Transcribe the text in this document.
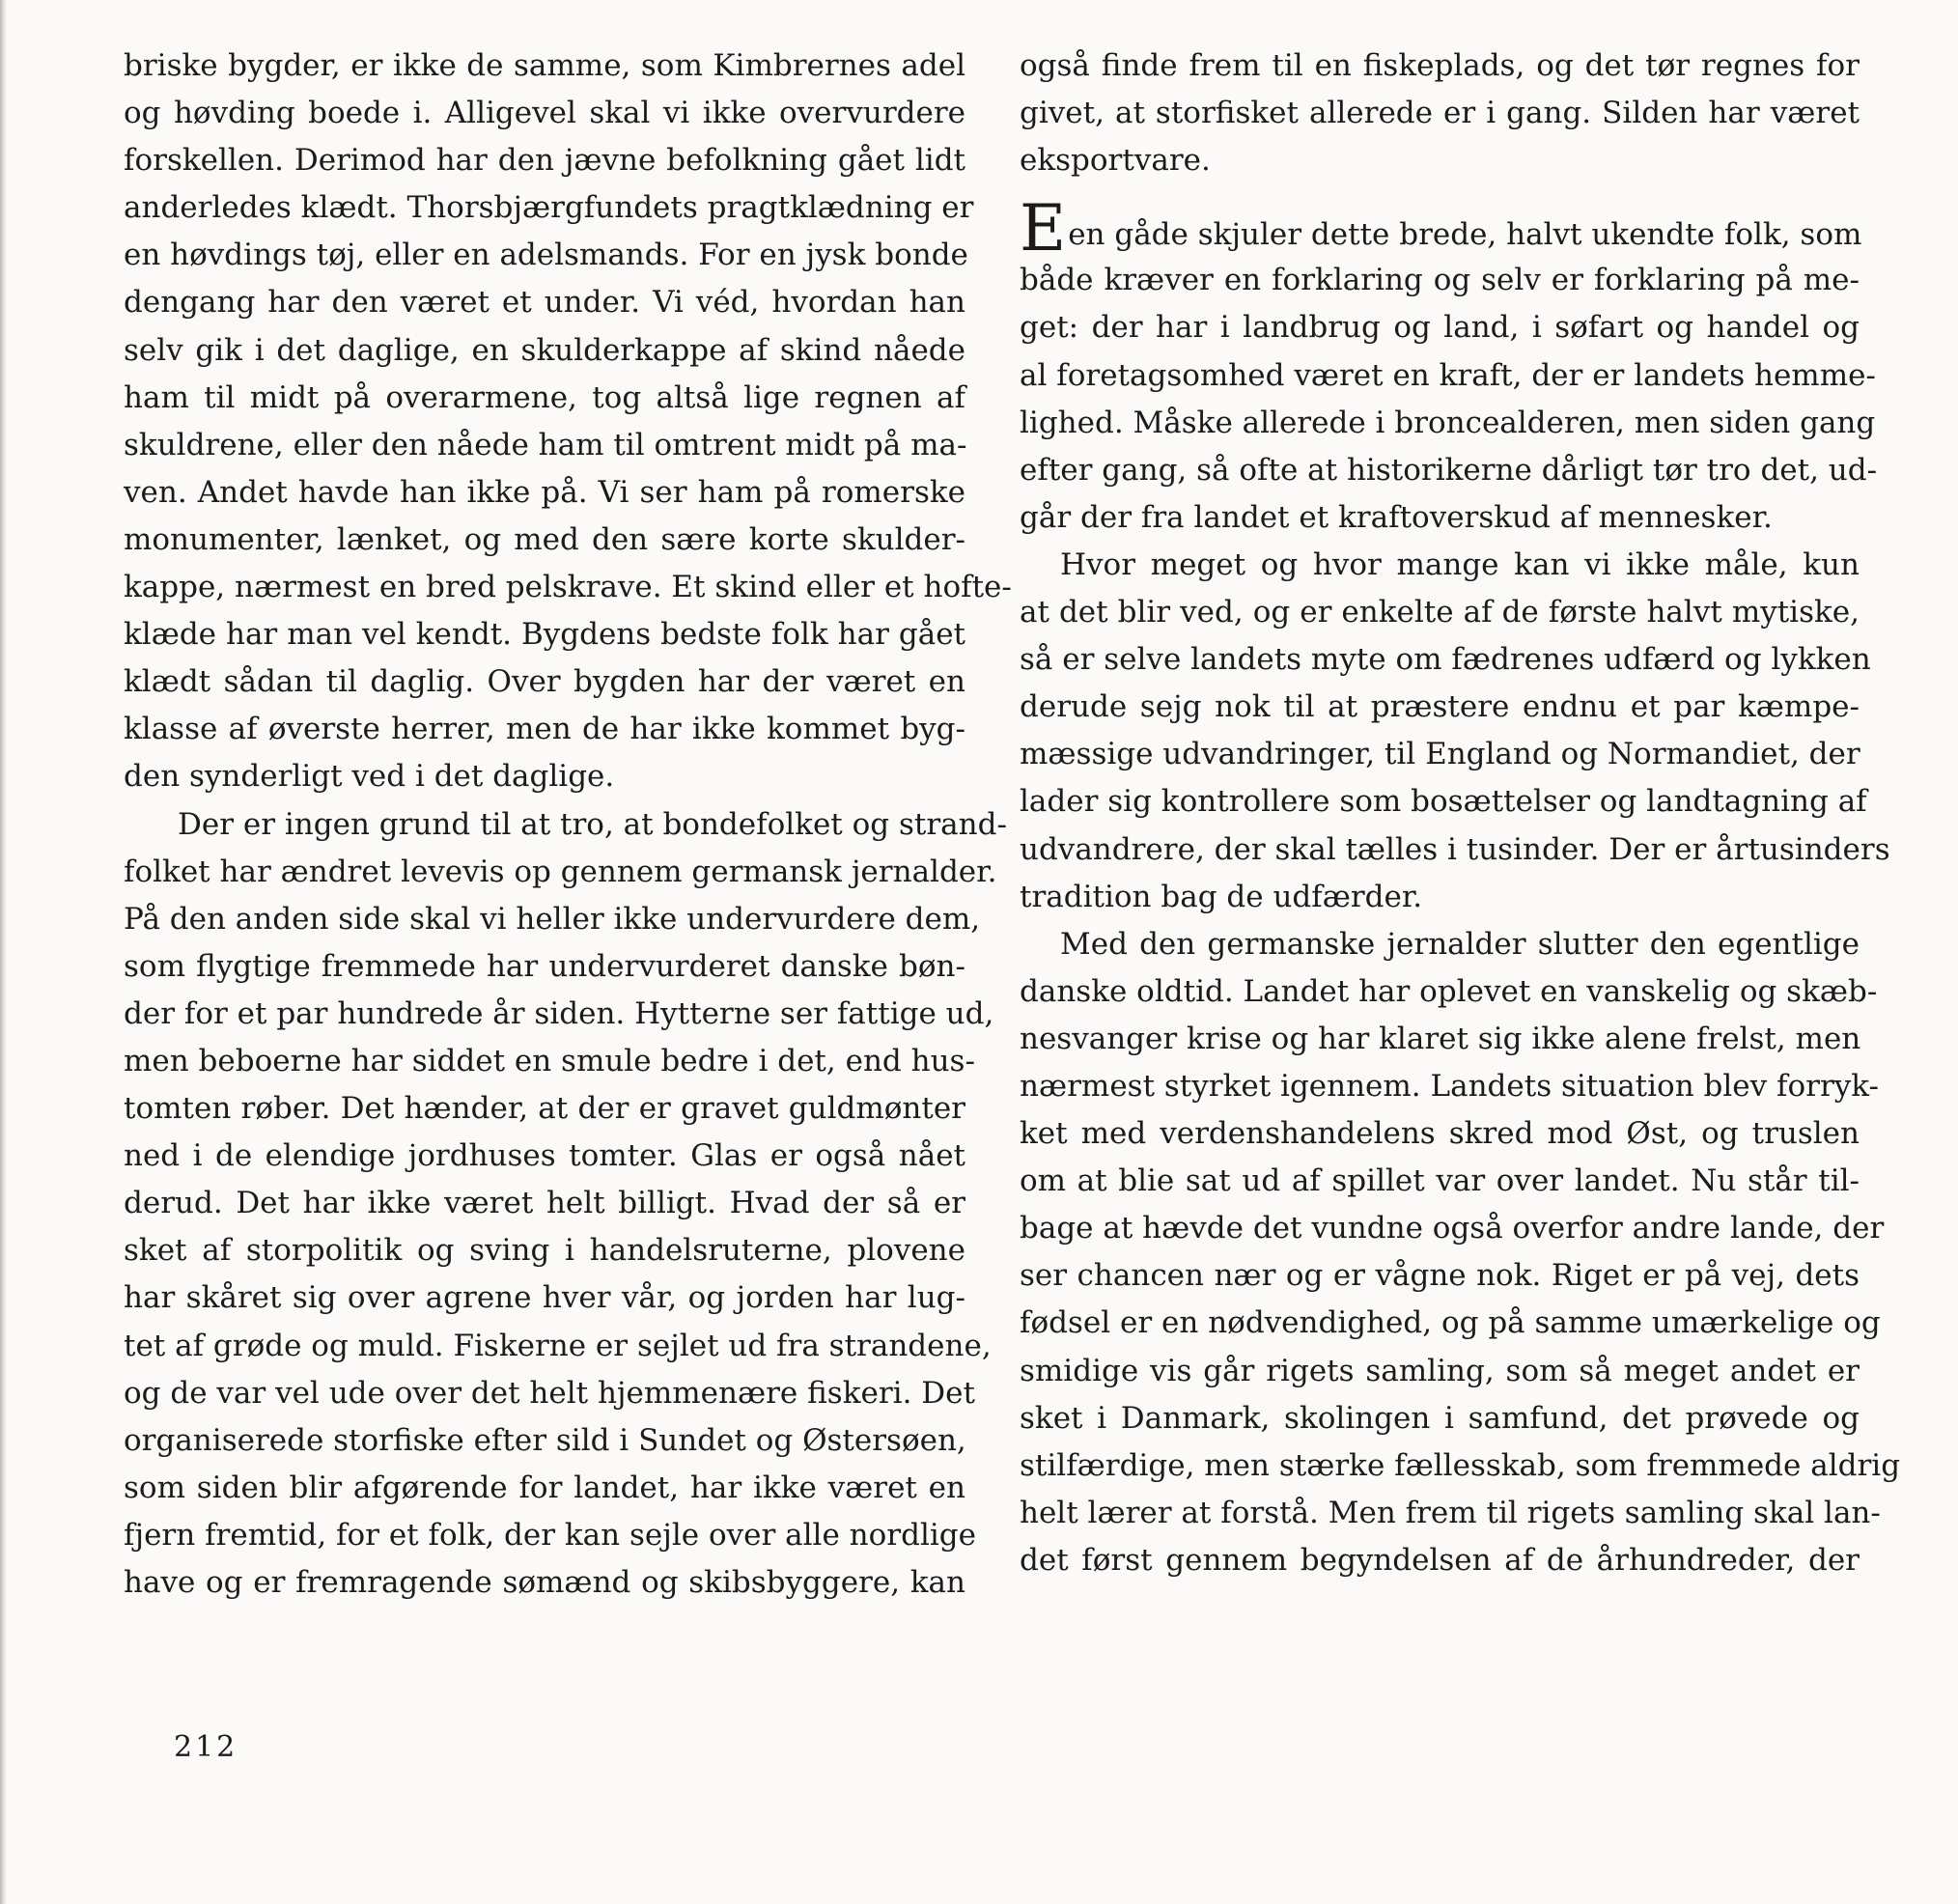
briske bygder, er ikke de samme, som Kimbrernes adel
og høvding boede i. Alligevel skal vi ikke overvurdere
forskellen. Derimod har den jævne befolkning gået lidt
anderledes klædt. Thorsbjærgfundets pragtklædning er
en høvdings tøj, eller en adelsmands. For en jysk bonde
dengang har den været et under. Vi véd, hvordan han
selv gik i det daglige, en skulderkappe af skind nåede
ham til midt på overarmene, tog altså lige regnen af
skuldrene, eller den nåede ham til omtrent midt på ma-
ven. Andet havde han ikke på. Vi ser ham på romerske
monumenter, lænket, og med den sære korte skulder-
kappe, nærmest en bred pelskrave. Et skind eller et hofte-
klæde har man vel kendt. Bygdens bedste folk har gået
klædt sådan til daglig. Over bygden har der været en
klasse af øverste herrer, men de har ikke kommet byg-
den synderligt ved i det daglige.
Der er ingen grund til at tro, at bondefolket og strand-
folket har ændret levevis op gennem germansk jernalder.
På den anden side skal vi heller ikke undervurdere dem,
som flygtige fremmede har undervurderet danske bøn-
der for et par hundrede år siden. Hytterne ser fattige ud,
men beboerne har siddet en smule bedre i det, end hus-
tomten røber. Det hænder, at der er gravet guldmønter
ned i de elendige jordhuses tomter. Glas er også nået
derud. Det har ikke været helt billigt. Hvad der så er
sket af storpolitik og sving i handelsruterne, plovene
har skåret sig over agrene hver vår, og jorden har lug-
tet af grøde og muld. Fiskerne er sejlet ud fra strandene,
og de var vel ude over det helt hjemmenære fiskeri. Det
organiserede storfiske efter sild i Sundet og Østersøen,
som siden blir afgørende for landet, har ikke været en
fjern fremtid, for et folk, der kan sejle over alle nordlige
have og er fremragende sømænd og skibsbyggere, kan
også finde frem til en fiskeplads, og det tør regnes for
givet, at storfisket allerede er i gang. Silden har været
eksportvare.
Een gåde skjuler dette brede, halvt ukendte folk, som
både kræver en forklaring og selv er forklaring på me-
get: der har i landbrug og land, i søfart og handel og
al foretagsomhed været en kraft, der er landets hemme-
lighed. Måske allerede i broncealderen, men siden gang
efter gang, så ofte at historikerne dårligt tør tro det, ud-
går der fra landet et kraftoverskud af mennesker.
Hvor meget og hvor mange kan vi ikke måle, kun
at det blir ved, og er enkelte af de første halvt mytiske,
så er selve landets myte om fædrenes udfærd og lykken
derude sejg nok til at præstere endnu et par kæmpe-
mæssige udvandringer, til England og Normandiet, der
lader sig kontrollere som bosættelser og landtagning af
udvandrere, der skal tælles i tusinder. Der er årtusinders
tradition bag de udfærder.
Med den germanske jernalder slutter den egentlige
danske oldtid. Landet har oplevet en vanskelig og skæb-
nesvanger krise og har klaret sig ikke alene frelst, men
nærmest styrket igennem. Landets situation blev forryk-
ket med verdenshandelens skred mod Øst, og truslen
om at blie sat ud af spillet var over landet. Nu står til-
bage at hævde det vundne også overfor andre lande, der
ser chancen nær og er vågne nok. Riget er på vej, dets
fødsel er en nødvendighed, og på samme umærkelige og
smidige vis går rigets samling, som så meget andet er
sket i Danmark, skolingen i samfund, det prøvede og
stilfærdige, men stærke fællesskab, som fremmede aldrig
helt lærer at forstå. Men frem til rigets samling skal lan-
det først gennem begyndelsen af de århundreder, der
212
